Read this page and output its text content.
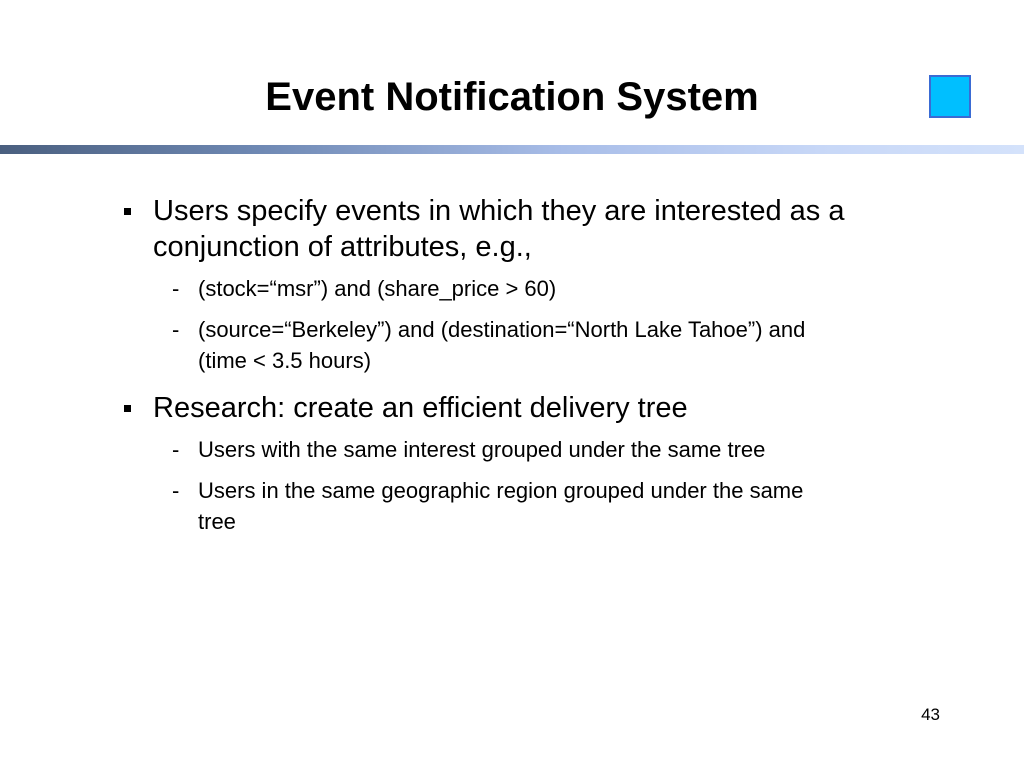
Event Notification System
Users specify events in which they are interested as a conjunction of attributes, e.g.,
- (stock=“msr”) and (share_price > 60)
- (source=“Berkeley”) and (destination=“North Lake Tahoe”) and (time < 3.5 hours)
Research: create an efficient delivery tree
- Users with the same interest grouped under the same tree
- Users in the same geographic region grouped under the same tree
43
